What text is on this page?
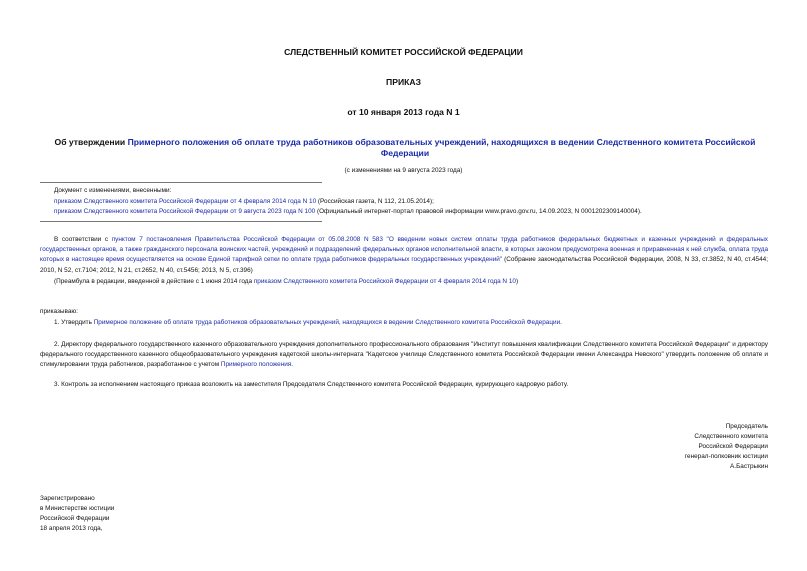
СЛЕДСТВЕННЫЙ КОМИТЕТ РОССИЙСКОЙ ФЕДЕРАЦИИ
ПРИКАЗ
от 10 января 2013 года N 1
Об утверждении Примерного положения об оплате труда работников образовательных учреждений, находящихся в ведении Следственного комитета Российской Федерации
(с изменениями на 9 августа 2023 года)
Документ с изменениями, внесенными:
приказом Следственного комитета Российской Федерации от 4 февраля 2014 года N 10 (Российская газета, N 112, 21.05.2014);
приказом Следственного комитета Российской Федерации от 9 августа 2023 года N 100 (Официальный интернет-портал правовой информации www.pravo.gov.ru, 14.09.2023, N 0001202309140004).
В соответствии с пунктом 7 постановления Правительства Российской Федерации от 05.08.2008 N 583 "О введении новых систем оплаты труда работников федеральных бюджетных и казенных учреждений и федеральных государственных органов, а также гражданского персонала воинских частей, учреждений и подразделений федеральных органов исполнительной власти, в которых законом предусмотрена военная и приравненная к ней служба, оплата труда которых в настоящее время осуществляется на основе Единой тарифной сетки по оплате труда работников федеральных государственных учреждений" (Собрание законодательства Российской Федерации, 2008, N 33, ст.3852, N 40, ст.4544; 2010, N 52, ст.7104; 2012, N 21, ст.2652, N 40, ст.5456; 2013, N 5, ст.396)
(Преамбула в редакции, введенной в действие с 1 июня 2014 года приказом Следственного комитета Российской Федерации от 4 февраля 2014 года N 10)
приказываю:
1. Утвердить Примерное положение об оплате труда работников образовательных учреждений, находящихся в ведении Следственного комитета Российской Федерации.
2. Директору федерального государственного казенного образовательного учреждения дополнительного профессионального образования "Институт повышения квалификации Следственного комитета Российской Федерации" и директору федерального государственного казенного общеобразовательного учреждения кадетской школы-интерната "Кадетское училище Следственного комитета Российской Федерации имени Александра Невского" утвердить положение об оплате и стимулировании труда работников, разработанное с учетом Примерного положения.
3. Контроль за исполнением настоящего приказа возложить на заместителя Председателя Следственного комитета Российской Федерации, курирующего кадровую работу.
Председатель
Следственного комитета
Российской Федерации
генерал-полковник юстиции
А.Бастрыкин
Зарегистрировано
в Министерстве юстиции
Российской Федерации
18 апреля 2013 года,
